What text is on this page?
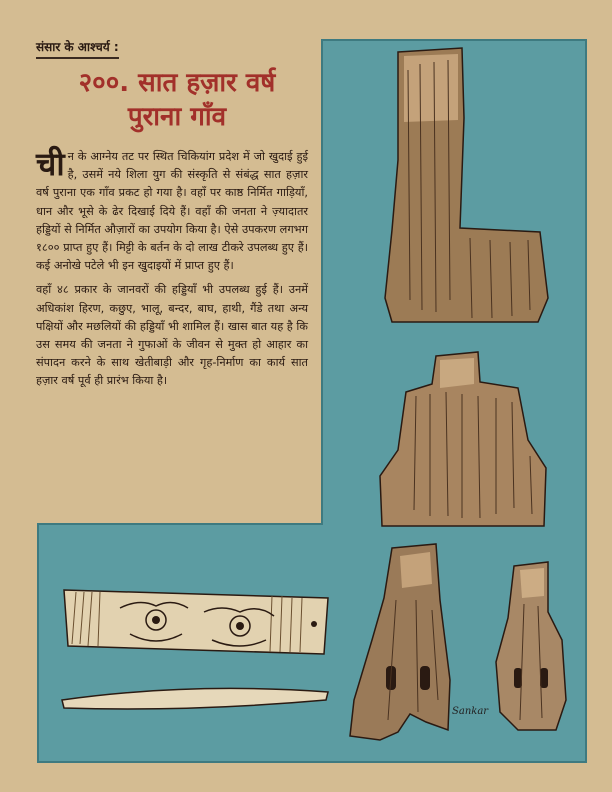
संसार के आश्चर्य :
२००. सात हज़ार वर्ष
पुराना गाँव

चीन के आग्नेय तट पर स्थित चिकियांग प्रदेश में जो खुदाई हुई है, उसमें नये शिला युग की संस्कृति से संबंद्ध सात हज़ार वर्ष पुराना एक गाँव प्रकट हो गया है। वहाँ पर काष्ठ निर्मित गाड़ियाँ, धान और भूसे के ढेर दिखाई दिये हैं। वहाँ की जनता ने ज़्यादातर हड्डियों से निर्मित औज़ारों का उपयोग किया है। ऐसे उपकरण लगभग १८०० प्राप्त हुए हैं। मिट्टी के बर्तन के दो लाख टीकरे उपलब्ध हुए हैं। कई अनोखे पटेले भी इन खुदाइयों में प्राप्त हुए हैं।

वहाँ ४८ प्रकार के जानवरों की हड्डियाँ भी उपलब्ध हुई हैं। उनमें अधिकांश हिरण, कछुए, भालू, बन्दर, बाघ, हाथी, गैंडे तथा अन्य पक्षियों और मछलियों की हड्डियाँ भी शामिल हैं। खास बात यह है कि उस समय की जनता ने गुफाओं के जीवन से मुक्त हो आहार का संपादन करने के साथ खेतीबाड़ी और गृह-निर्माण का कार्य सात हज़ार वर्ष पूर्व ही प्रारंभ किया है।

Sankar
